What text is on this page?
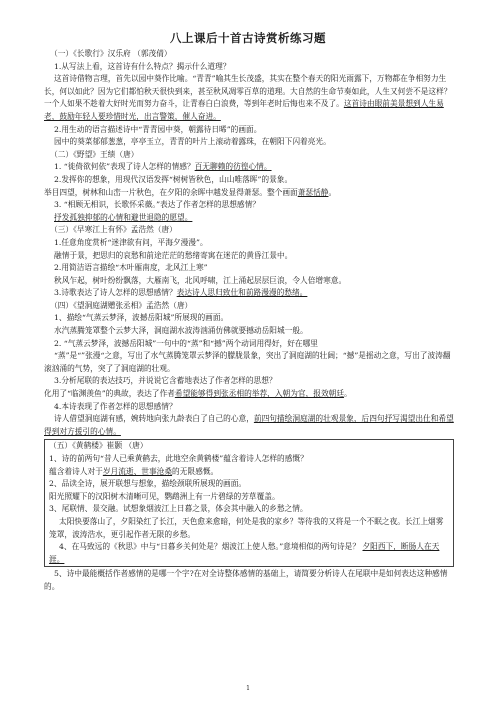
八上课后十首古诗赏析练习题

（一）《长歌行》汉乐府 （郭茂倩）

1.从写法上看，这首诗有什么特点？揭示什么道理？

这首诗借物言理，首先以园中葵作比喻。“青青”喻其生长茂盛，其实在整个春天的阳光雨露下，万物都在争相努力生长，何以如此？因为它们都怕秋天很快到来，甚至秋风凋零百草的道理。大自然的生命节奏如此，人生又何尝不是这样？一个人如果不趁着大好时光而努力奋斗，让青春白白浪费，等到年老时后悔也来不及了。这首诗由眼前美景想到人生易老，鼓励年轻人要珍惜时光，出言警策，催人奋进。

2.用生动的语言描述诗中“青青园中葵，朝露待日晞”的画面。

园中的葵菜郁郁葱葱，亭亭玉立，青青的叶片上滚动着露珠，在朝阳下闪着亮光。

（二）《野望》王绩（唐）

1. “徙倚欲何依”表现了诗人怎样的情感？百无聊赖的彷徨心情。

2.发挥你的想象，用现代汉语发挥“树树皆秋色，山山唯落晖”的景象。

举目四望，树林和山峦一片秋色，在夕阳的余晖中越发显得萧瑟。整个画面萧瑟恬静。

3. “相顾无相识，长歌怀采薇。”表达了作者怎样的思想感情？

抒发孤独抑郁的心情和避世退隐的愿望。

（三）《早寒江上有怀》孟浩然（唐）

1.任意角度赏析“迷津欲有问，平海夕漫漫”。

融情于景，把思归的哀愁和前途茫茫的愁绪寄寓在迷茫的黄昏江景中。

2.用简洁语言描绘“木叶雁南度，北风江上寒”

秋风乍起，树叶纷纷飘落，大雁南飞，北风呼啸，江上涌起层层巨浪，令人倍增寒意。

3.诗歌表达了诗人怎样的思想感情？表达诗人思归致仕和前路漫漫的愁绪。

（四）《望洞庭湖赠张丞相》孟浩然（唐）

1、描绘“气蒸云梦泽，波撼岳阳城”所展现的画面。

水汽蒸腾笼罩整个云梦大泽，洞庭湖水波涛汹涌仿佛就要撼动岳阳城一般。

2. “气蒸云梦泽，波撼岳阳城”一句中的“蒸”和“撼”两个动词用得好，好在哪里

“蒸”是“”张漫“之意，写出了水气蒸腾笼罩云梦泽的朦胧景象，突出了洞庭湖的壮阔；“撼”是摇动之意，写出了波涛翻滚汹涌的气势，突了了洞庭湖的壮观。

3.分析尾联的表达技巧，并说说它含蓄地表达了作者怎样的思想？

化用了“临渊羡鱼”的典故，表达了作者希望能够得到张丞相的举荐，入朝为官，报效朝廷。

4.本诗表现了作者怎样的思想感情？

诗人借望洞庭湖有感，婉转地向张九龄表白了自己的心意，前四句描绘洞庭湖的壮观景象，后四句抒写渴望出仕和希望得到对方援引的心情。

（五）《黄鹤楼》崔颢 （唐）

1、诗的前两句“昔人已乘黄鹤去，此地空余黄鹤楼”蕴含着诗人怎样的感慨？

蕴含着诗人对于岁月流逝、世事沧桑的无限感慨。

2、品读全诗，展开联想与想象，描绘颈联所展现的画面。

阳光照耀下的汉阳树木清晰可见，鹦鹉洲上有一片碧绿的芳草覆盖。

3、尾联情、景交融。试想象烟波江上日暮之景，体会其中融入的乡愁之情。

太阳快要落山了，夕阳染红了长江，天色愈来愈暗，何处是我的家乡？等待我的又将是一个不眠之夜。长江上烟雾笼罩，波涛浩水，更引起作者无限的乡愁。

4、在马致远的《秋思》中与“日暮乡关何处是？烟波江上使人愁。”意境相似的两句诗是？ 夕阳西下，断肠人在天涯。

5、诗中最能概括作者感情的是哪一个字?在对全诗整体感情的基础上，请简要分析诗人在尾联中是如何表达这种感情的。

1
